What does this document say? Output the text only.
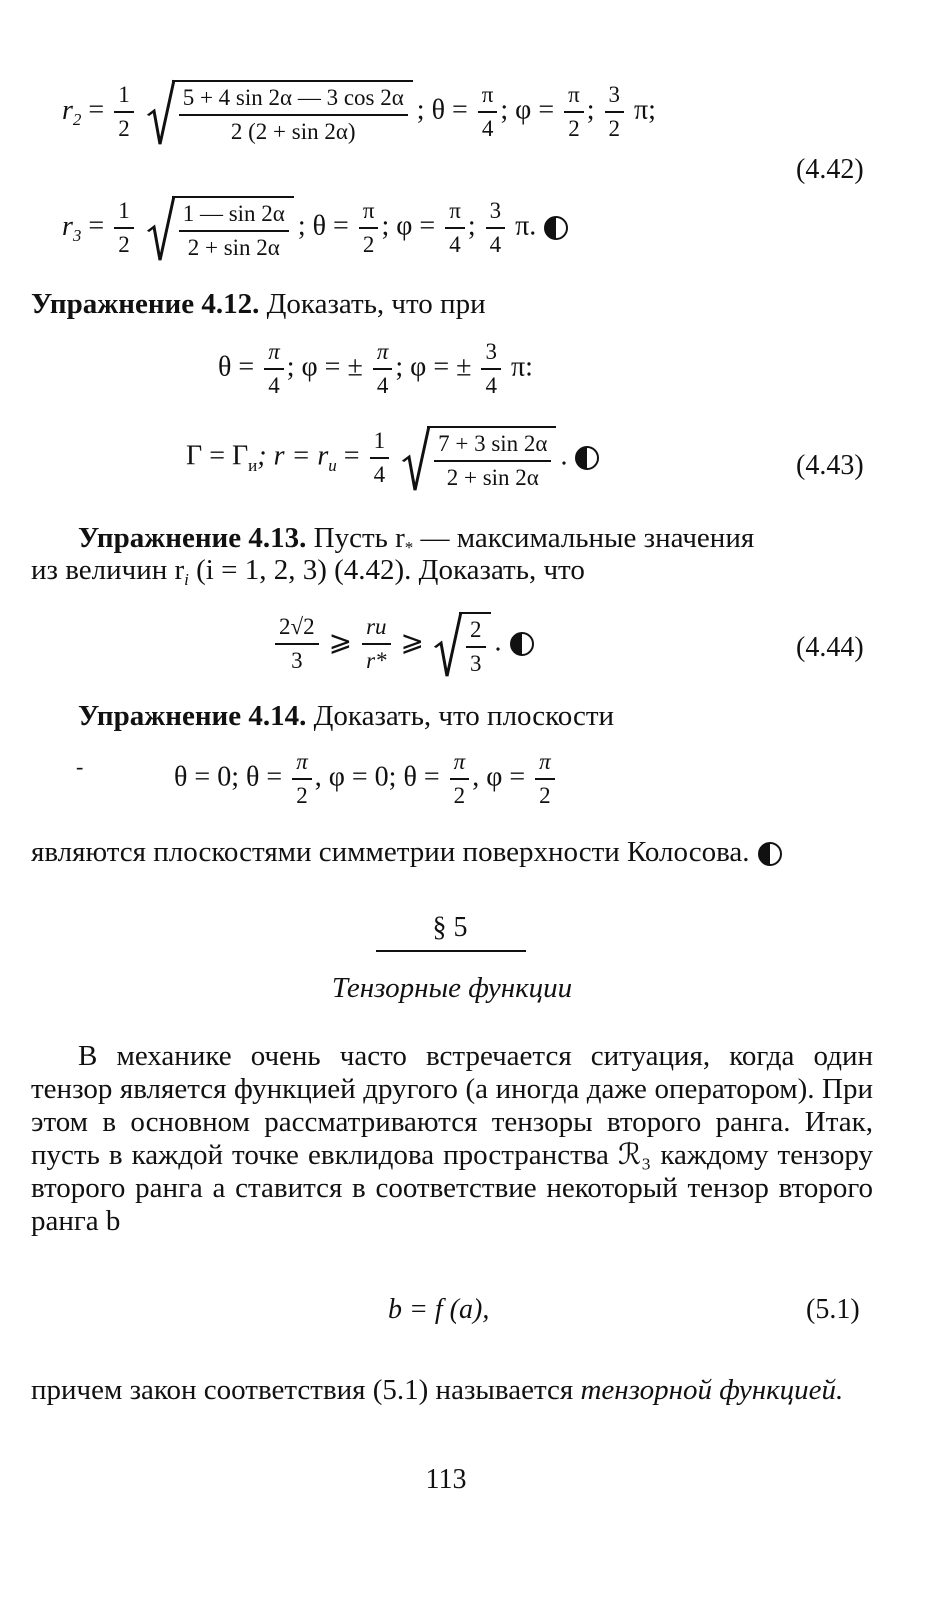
$r_2 = \frac{1}{2}$
$\frac{5 + 4 \sin 2\alpha — 3 \cos 2\alpha}{2 (2 + \sin 2\alpha)}$ ; $\theta = \frac{\pi}{4}$ ; $\varphi = \frac{\pi}{2}$ ; $\frac{3}{2} \pi$;
(4.42)
$r_3 = \frac{1}{2}$
$\frac{1 — \sin 2\alpha}{2 + \sin 2\alpha}$ ; $\theta = \frac{\pi}{2}$ ; $\varphi = \frac{\pi}{4}$ ; $\frac{3}{4} \pi$.
Упражнение 4.12. Доказать, что при
$\theta = \frac{\pi}{4}$ ; φ = ± $\frac{\pi}{4}$ ; φ = ± $\frac{3}{4} \pi$:
$\Gamma = \Gamma_и$; $r = r_и = \frac{1}{4}$
$\frac{7 + 3 \sin 2\alpha}{2 + \sin 2\alpha}$ .	(4.43)
Упражнение 4.13. Пусть $r_*$ — максимальные значения
из величин $r_i$ (i = 1, 2, 3) (4.42). Доказать, что
$\frac{2√2}{3}$ ⩾ $\frac{rи}{r*}$ ⩾ $\frac{2}{3}$ .	(4.44)
Упражнение 4.14. Доказать, что плоскости
-	θ = 0; $\theta = \frac{\pi}{2}$ , φ = 0; $\theta = \frac{\pi}{2}$ , $\varphi = \frac{\pi}{2}$
являются плоскостями симметрии поверхности Колосова.
§ 5
Тензорные функции
В механике очень часто встречается ситуация, когда один тензор является функцией другого (а иногда даже оператором). При этом в основном рассматриваются тензоры второго ранга. Итак, пусть в каждой точке евклидова пространства ℛ₃ каждому тензору второго ранга a ставится в соответствие некоторый тензор второго ранга b
b = f (a),	(5.1)
причем закон соответствия (5.1) называется тензорной функцией.
113
